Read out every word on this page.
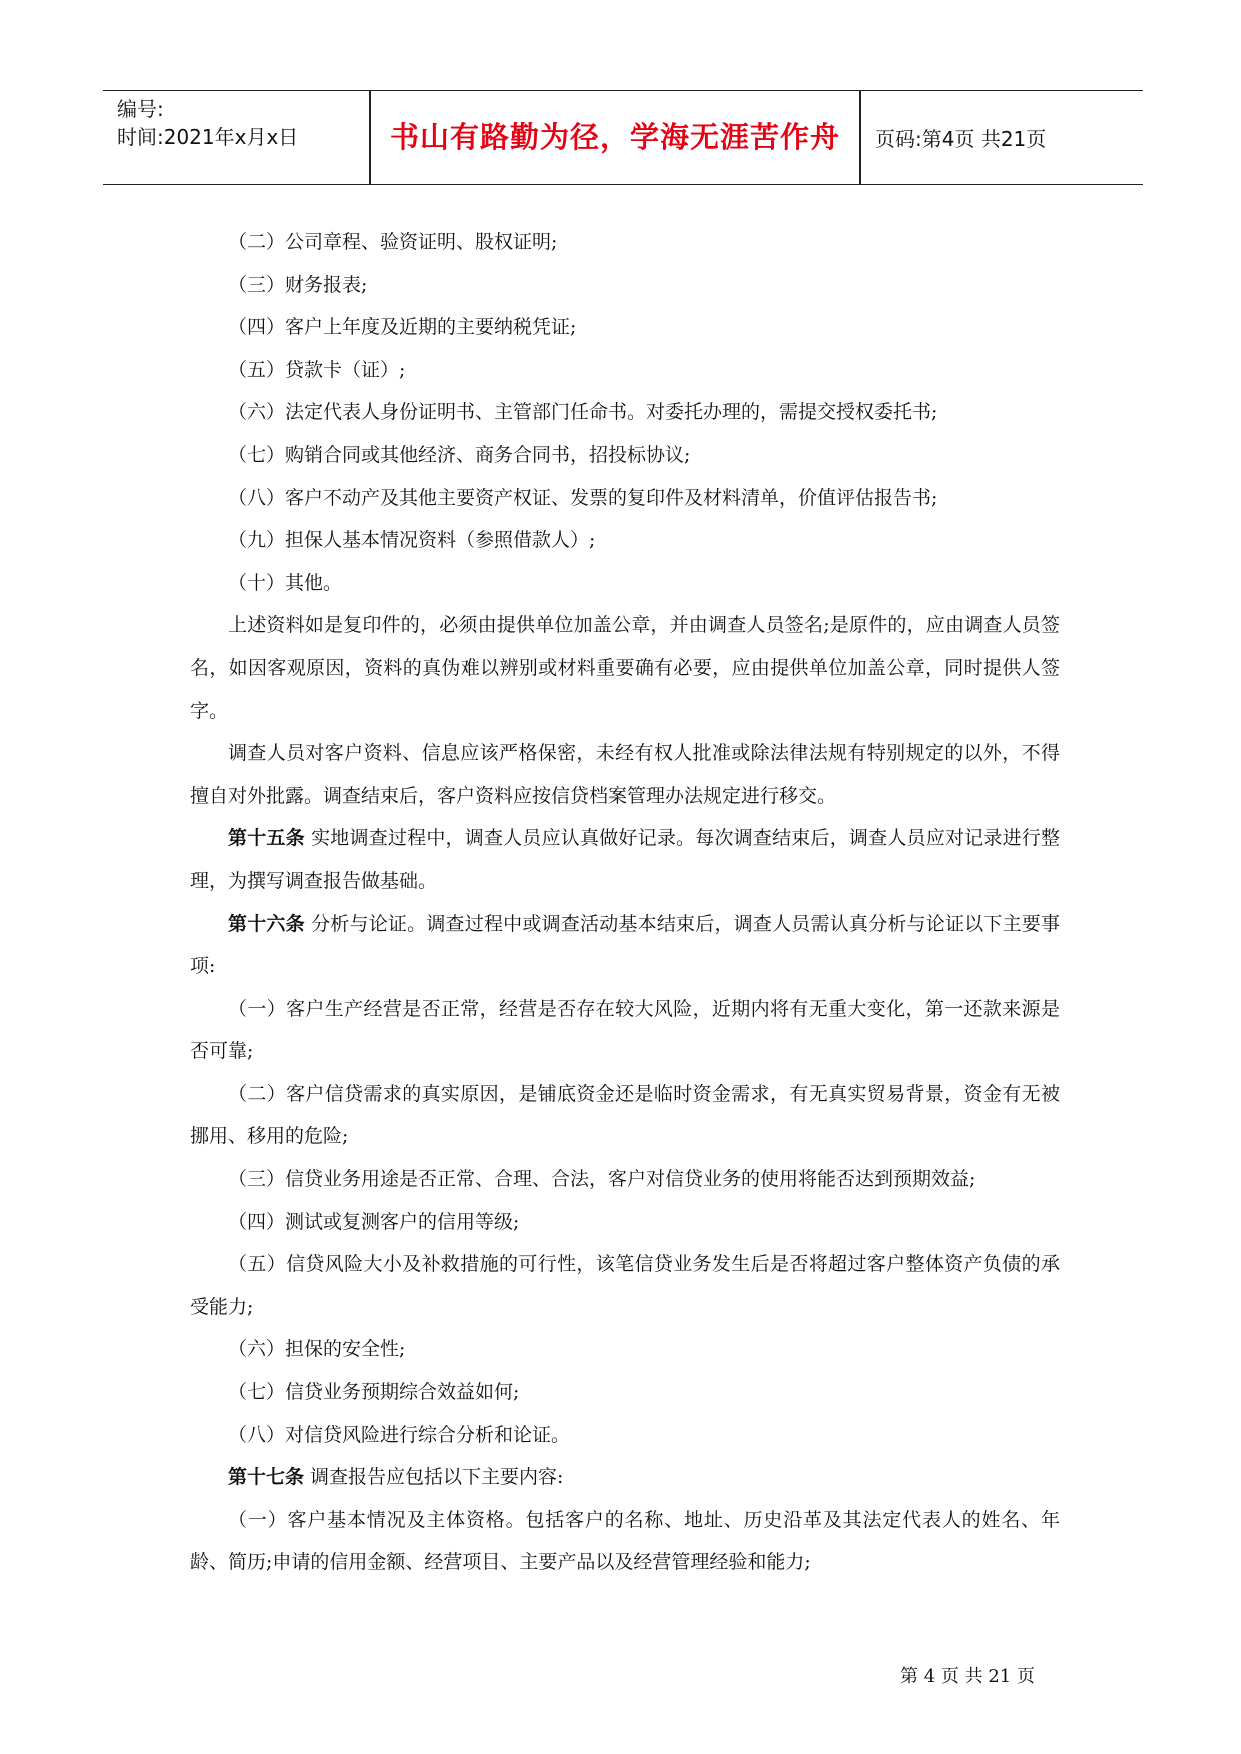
编号:
时间:2021年x月x日	书山有路勤为径，学海无涯苦作舟	页码:第4页 共21页

（二）公司章程、验资证明、股权证明;

（三）财务报表;

（四）客户上年度及近期的主要纳税凭证;

（五）贷款卡（证）;

（六）法定代表人身份证明书、主管部门任命书。对委托办理的，需提交授权委托书;

（七）购销合同或其他经济、商务合同书，招投标协议;

（八）客户不动产及其他主要资产权证、发票的复印件及材料清单，价值评估报告书;

（九）担保人基本情况资料（参照借款人）;

（十）其他。

上述资料如是复印件的，必须由提供单位加盖公章，并由调查人员签名;是原件的，应由调查人员签名，如因客观原因，资料的真伪难以辨别或材料重要确有必要，应由提供单位加盖公章，同时提供人签字。

调查人员对客户资料、信息应该严格保密，未经有权人批准或除法律法规有特别规定的以外，不得擅自对外批露。调查结束后，客户资料应按信贷档案管理办法规定进行移交。

第十五条 实地调查过程中，调查人员应认真做好记录。每次调查结束后，调查人员应对记录进行整理，为撰写调查报告做基础。

第十六条 分析与论证。调查过程中或调查活动基本结束后，调查人员需认真分析与论证以下主要事项:

（一）客户生产经营是否正常，经营是否存在较大风险，近期内将有无重大变化，第一还款来源是否可靠;

（二）客户信贷需求的真实原因，是铺底资金还是临时资金需求，有无真实贸易背景，资金有无被挪用、移用的危险;

（三）信贷业务用途是否正常、合理、合法，客户对信贷业务的使用将能否达到预期效益;

（四）测试或复测客户的信用等级;

（五）信贷风险大小及补救措施的可行性，该笔信贷业务发生后是否将超过客户整体资产负债的承受能力;

（六）担保的安全性;

（七）信贷业务预期综合效益如何;

（八）对信贷风险进行综合分析和论证。

第十七条 调查报告应包括以下主要内容:

（一）客户基本情况及主体资格。包括客户的名称、地址、历史沿革及其法定代表人的姓名、年龄、简历;申请的信用金额、经营项目、主要产品以及经营管理经验和能力;

第 4 页 共 21 页
